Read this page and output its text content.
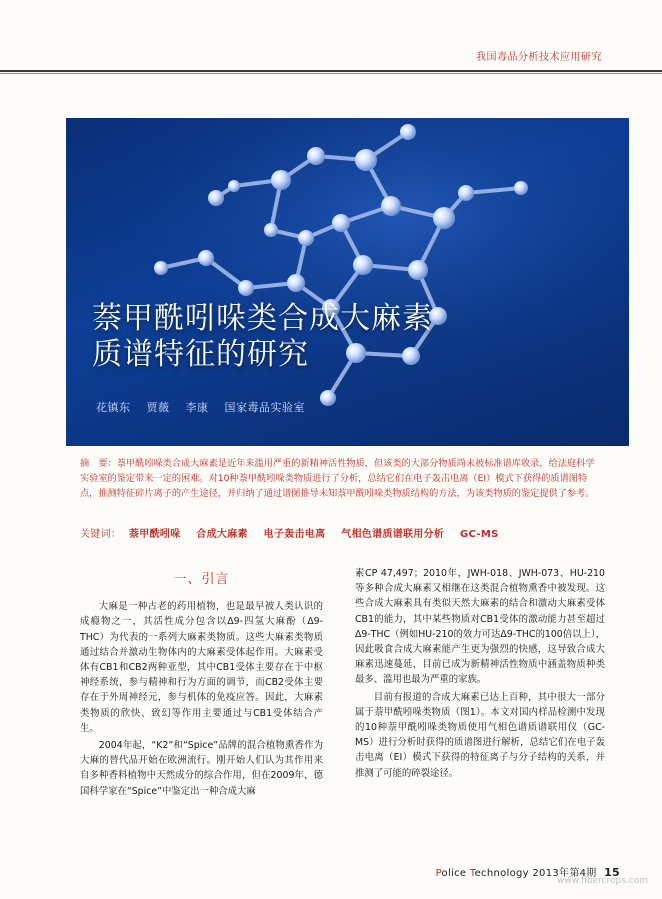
我国毒品分析技术应用研究
萘甲酰吲哚类合成大麻素
质谱特征的研究
花镇东 贾薇 李康 国家毒品实验室
摘　要：萘甲酰吲哚类合成大麻素是近年来滥用严重的新精神活性物质，但该类的大部分物质尚未被标准谱库收录，给法庭科学实验室的鉴定带来一定的困难。对10种萘甲酰吲哚类物质进行了分析，总结它们在电子轰击电离（EI）模式下获得的质谱图特点，推测特征碎片离子的产生途径，并归纳了通过谱图推导未知萘甲酰吲哚类物质结构的方法，为该类物质的鉴定提供了参考。
关键词： 萘甲酰吲哚 合成大麻素 电子轰击电离 气相色谱质谱联用分析 GC-MS
一、引言

大麻是一种古老的药用植物，也是最早被人类认识的成瘾物之一，其活性成分包含以Δ9-四氢大麻酚（Δ9-THC）为代表的一系列大麻素类物质。这些大麻素类物质通过结合并激动生物体内的大麻素受体起作用。大麻素受体有CB1和CB2两种亚型，其中CB1受体主要存在于中枢神经系统，参与精神和行为方面的调节，而CB2受体主要存在于外周神经元，参与机体的免疫应答。因此，大麻素类物质的欣快、致幻等作用主要通过与CB1受体结合产生。

2004年起，“K2”和“Spice”品牌的混合植物熏香作为大麻的替代品开始在欧洲流行。刚开始人们认为其作用来自多种香料植物中天然成分的综合作用，但在2009年，德国科学家在“Spice”中鉴定出一种合成大麻

素CP 47,497；2010年，JWH-018、JWH-073、HU-210等多种合成大麻素又相继在这类混合植物熏香中被发现。这些合成大麻素具有类似天然大麻素的结合和激动大麻素受体CB1的能力，其中某些物质对CB1受体的激动能力甚至超过Δ9-THC（例如HU-210的效力可达Δ9-THC的100倍以上），因此吸食合成大麻素能产生更为强烈的快感，这导致合成大麻素迅速蔓延，目前已成为新精神活性物质中涵盖物质种类最多、滥用也最为严重的家族。

目前有报道的合成大麻素已达上百种，其中很大一部分属于萘甲酰吲哚类物质（图1）。本文对国内样品检测中发现的10种萘甲酰吲哚类物质使用气相色谱质谱联用仪（GC-MS）进行分析时获得的质谱图进行解析，总结它们在电子轰击电离（EI）模式下获得的特征离子与分子结构的关系，并推测了可能的碎裂途径。

Police Technology 2013年第4期 15
www.fibercrops.com
